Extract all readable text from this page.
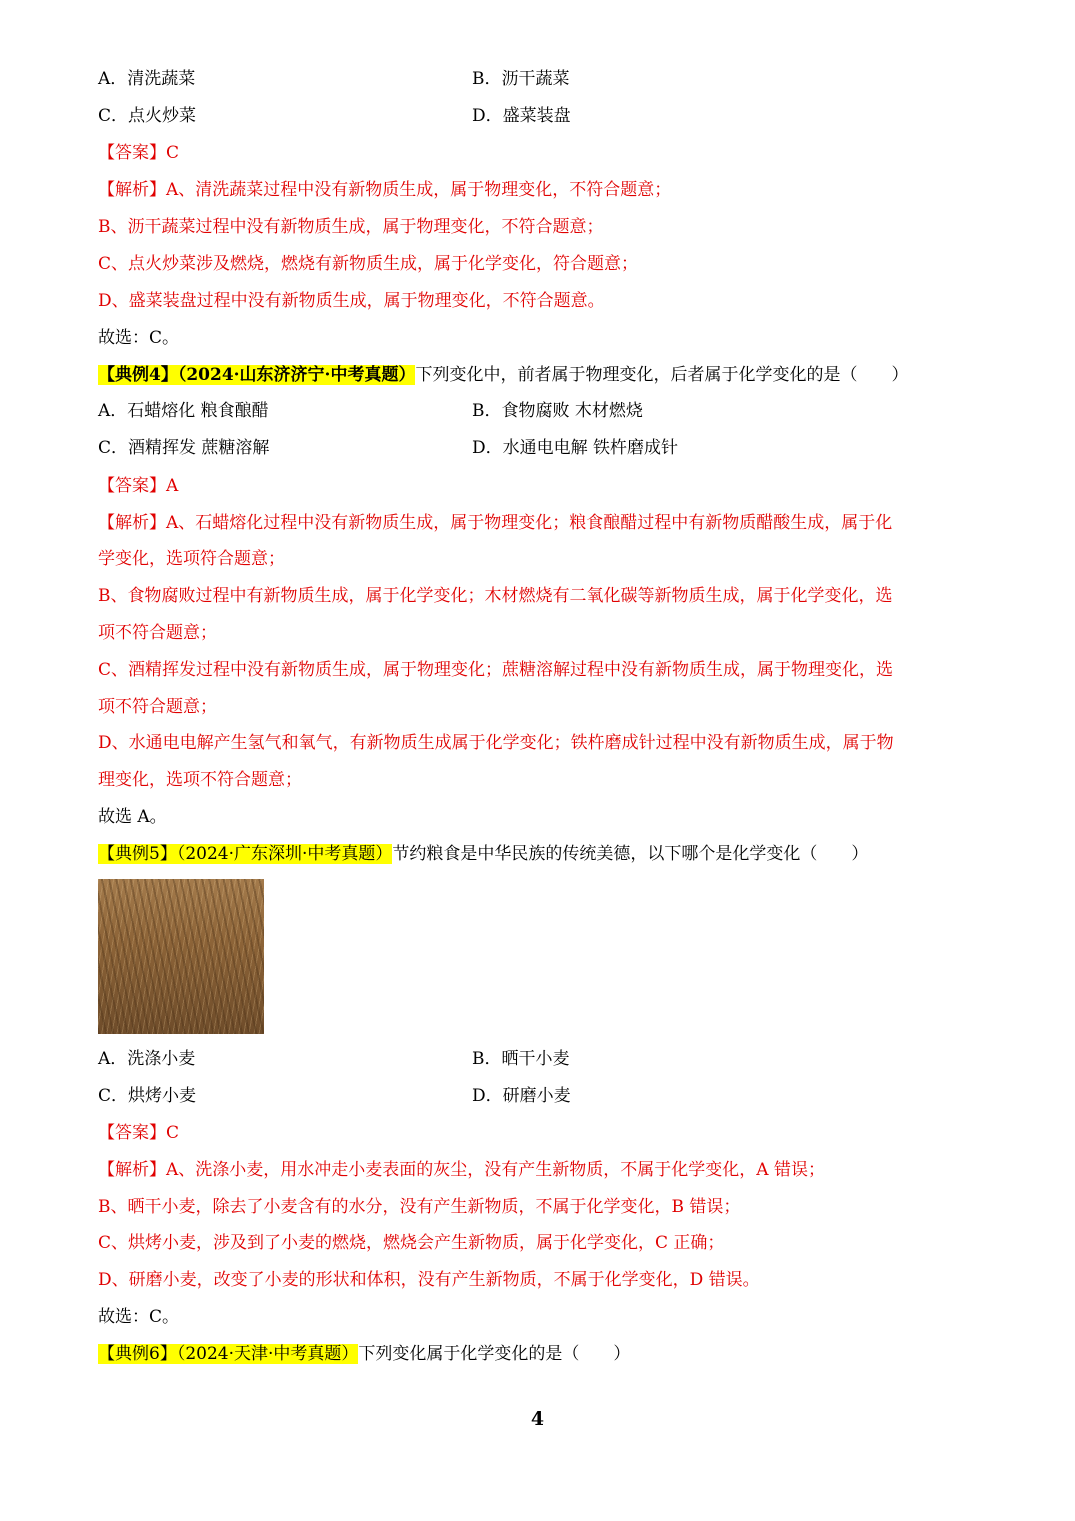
A．清洗蔬菜	B．沥干蔬菜
C．点火炒菜	D．盛菜装盘
【答案】C
【解析】A、清洗蔬菜过程中没有新物质生成，属于物理变化，不符合题意；
B、沥干蔬菜过程中没有新物质生成，属于物理变化，不符合题意；
C、点火炒菜涉及燃烧，燃烧有新物质生成，属于化学变化，符合题意；
D、盛菜装盘过程中没有新物质生成，属于物理变化，不符合题意。
故选：C。
【典例4】（2024·山东济济宁·中考真题）下列变化中，前者属于物理变化，后者属于化学变化的是（　　）
A．石蜡熔化 粮食酿醋	B．食物腐败 木材燃烧
C．酒精挥发 蔗糖溶解	D．水通电电解 铁杵磨成针
【答案】A
【解析】A、石蜡熔化过程中没有新物质生成，属于物理变化；粮食酿醋过程中有新物质醋酸生成，属于化
学变化，选项符合题意；
B、食物腐败过程中有新物质生成，属于化学变化；木材燃烧有二氧化碳等新物质生成，属于化学变化，选
项不符合题意；
C、酒精挥发过程中没有新物质生成，属于物理变化；蔗糖溶解过程中没有新物质生成，属于物理变化，选
项不符合题意；
D、水通电电解产生氢气和氧气，有新物质生成属于化学变化；铁杵磨成针过程中没有新物质生成，属于物
理变化，选项不符合题意；
故选 A。
【典例5】（2024·广东深圳·中考真题）节约粮食是中华民族的传统美德，以下哪个是化学变化（　　）
A．洗涤小麦	B．晒干小麦
C．烘烤小麦	D．研磨小麦
【答案】C
【解析】A、洗涤小麦，用水冲走小麦表面的灰尘，没有产生新物质，不属于化学变化，A 错误；
B、晒干小麦，除去了小麦含有的水分，没有产生新物质，不属于化学变化，B 错误；
C、烘烤小麦，涉及到了小麦的燃烧，燃烧会产生新物质，属于化学变化，C 正确；
D、研磨小麦，改变了小麦的形状和体积，没有产生新物质，不属于化学变化，D 错误。
故选：C。
【典例6】（2024·天津·中考真题）下列变化属于化学变化的是（　　）
4
